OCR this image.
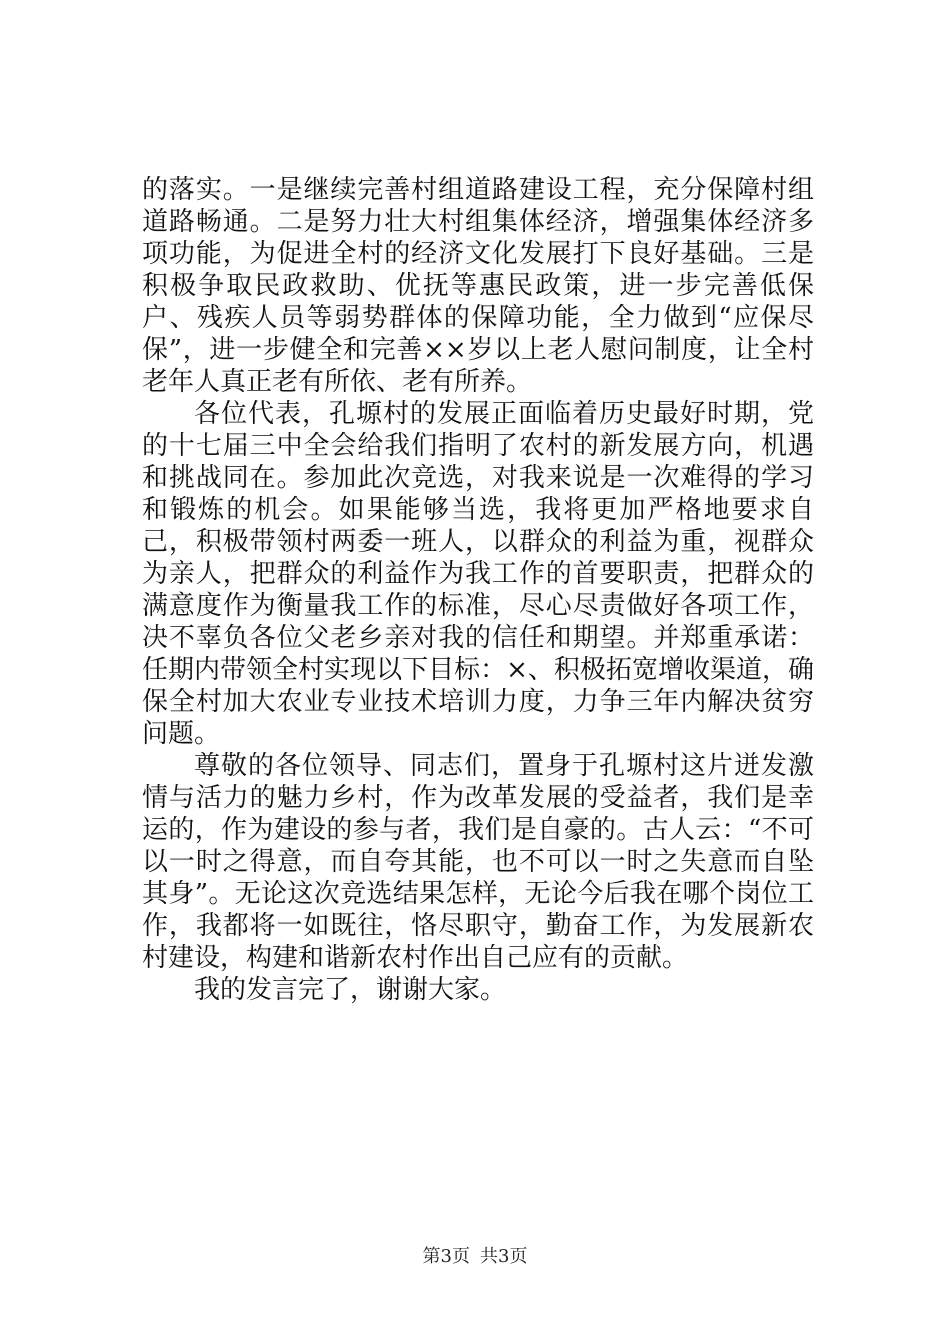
的落实。一是继续完善村组道路建设工程，充分保障村组道路畅通。二是努力壮大村组集体经济，增强集体经济多项功能，为促进全村的经济文化发展打下良好基础。三是积极争取民政救助、优抚等惠民政策，进一步完善低保户、残疾人员等弱势群体的保障功能，全力做到“应保尽保”，进一步健全和完善××岁以上老人慰问制度，让全村老年人真正老有所依、老有所养。

各位代表，孔塬村的发展正面临着历史最好时期，党的十七届三中全会给我们指明了农村的新发展方向，机遇和挑战同在。参加此次竞选，对我来说是一次难得的学习和锻炼的机会。如果能够当选，我将更加严格地要求自己，积极带领村两委一班人，以群众的利益为重，视群众为亲人，把群众的利益作为我工作的首要职责，把群众的满意度作为衡量我工作的标准，尽心尽责做好各项工作，决不辜负各位父老乡亲对我的信任和期望。并郑重承诺：任期内带领全村实现以下目标：×、积极拓宽增收渠道，确保全村加大农业专业技术培训力度，力争三年内解决贫穷问题。

尊敬的各位领导、同志们，置身于孔塬村这片迸发激情与活力的魅力乡村，作为改革发展的受益者，我们是幸运的，作为建设的参与者，我们是自豪的。古人云：“不可以一时之得意，而自夸其能，也不可以一时之失意而自坠其身”。无论这次竞选结果怎样，无论今后我在哪个岗位工作，我都将一如既往，恪尽职守，勤奋工作，为发展新农村建设，构建和谐新农村作出自己应有的贡献。

我的发言完了，谢谢大家。

第3页 共3页
